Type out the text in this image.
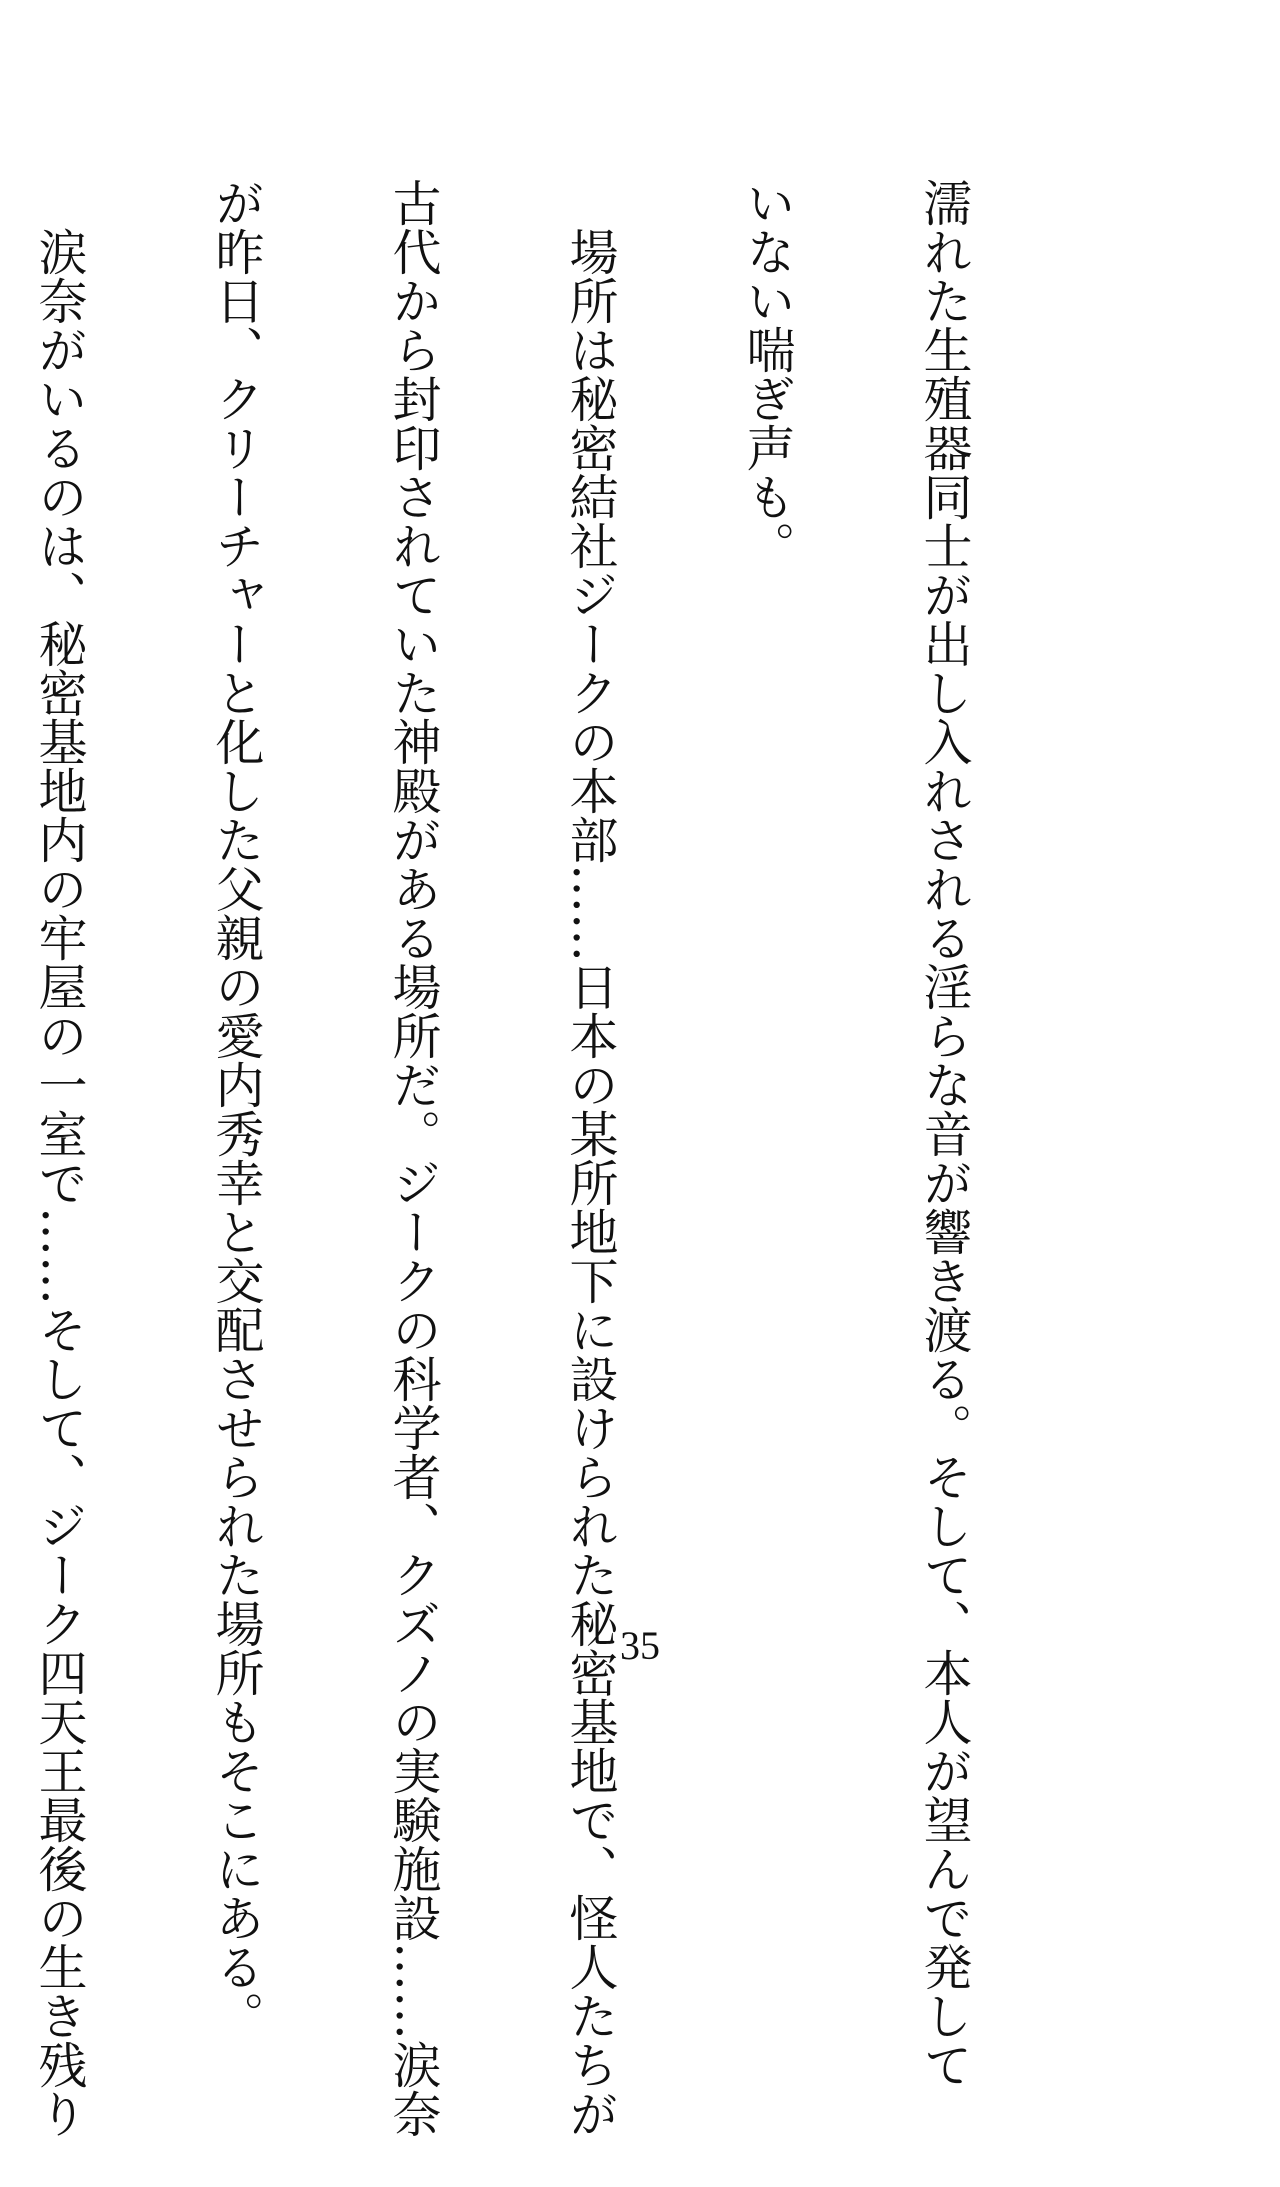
濡れた生殖器同士が出し入れされる淫らな音が響き渡る。そして、本人が望んで発して

いない喘ぎ声も。

　場所は秘密結社ジークの本部……日本の某所地下に設けられた秘密基地で、怪人たちが

古代から封印されていた神殿がある場所だ。ジークの科学者、クズノの実験施設……涙奈

が昨日、クリーチャーと化した父親の愛内秀幸と交配させられた場所もそこにある。

　涙奈がいるのは、秘密基地内の牢屋の一室で……そして、ジーク四天王最後の生き残り

	35
